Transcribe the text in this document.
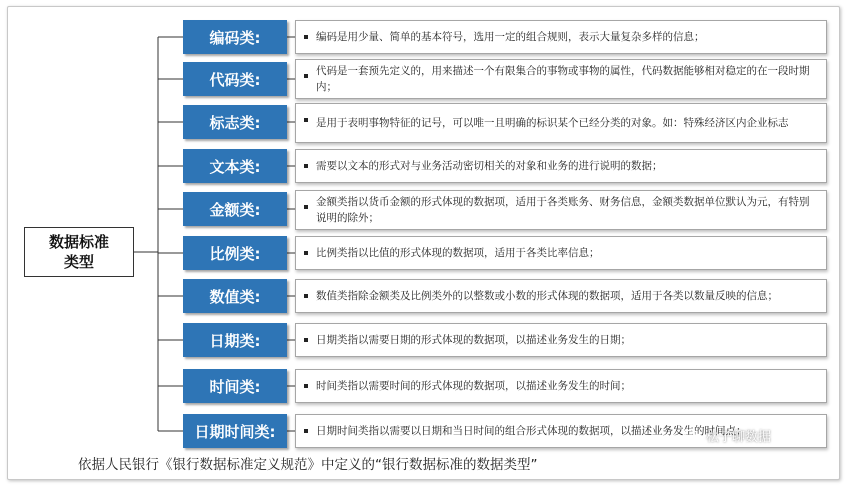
数据标准
类型
编码类:	编码是用少量、简单的基本符号，选用一定的组合规则，表示大量复杂多样的信息；
代码类:	代码是一套预先定义的，用来描述一个有限集合的事物或事物的属性，代码数据能够相对稳定的在一段时期内；
标志类:	是用于表明事物特征的记号，可以唯一且明确的标识某个已经分类的对象。如：特殊经济区内企业标志
文本类:	需要以文本的形式对与业务活动密切相关的对象和业务的进行说明的数据；
金额类:	金额类指以货币金额的形式体现的数据项，适用于各类账务、财务信息，金额类数据单位默认为元，有特别说明的除外；
比例类:	比例类指以比值的形式体现的数据项，适用于各类比率信息；
数值类:	数值类指除金额类及比例类外的以整数或小数的形式体现的数据项，适用于各类以数量反映的信息；
日期类:	日期类指以需要日期的形式体现的数据项，以描述业务发生的日期；
时间类:	时间类指以需要时间的形式体现的数据项，以描述业务发生的时间；
日期时间类:	日期时间类指以需要以日期和当日时间的组合形式体现的数据项，以描述业务发生的时间点；
依据人民银行《银行数据标准定义规范》中定义的“银行数据标准的数据类型”
松子聊数据
